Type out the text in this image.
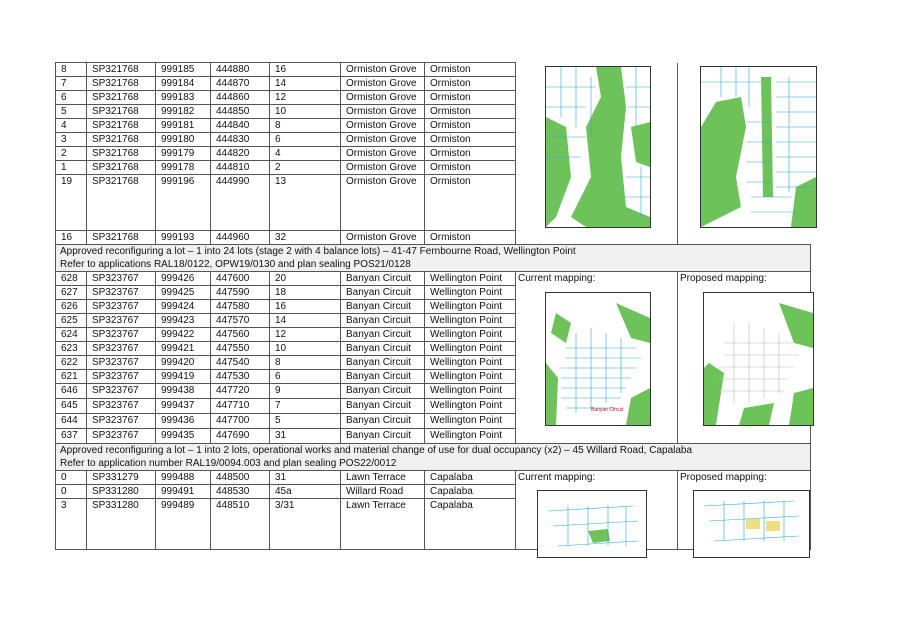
8	SP321768	999185	444880	16	Ormiston Grove	Ormiston		
7	SP321768	999184	444870	14	Ormiston Grove	Ormiston		
6	SP321768	999183	444860	12	Ormiston Grove	Ormiston		
5	SP321768	999182	444850	10	Ormiston Grove	Ormiston		
4	SP321768	999181	444840	8	Ormiston Grove	Ormiston		
3	SP321768	999180	444830	6	Ormiston Grove	Ormiston		
2	SP321768	999179	444820	4	Ormiston Grove	Ormiston		
1	SP321768	999178	444810	2	Ormiston Grove	Ormiston		
19	SP321768	999196	444990	13	Ormiston Grove	Ormiston		
16	SP321768	999193	444960	32	Ormiston Grove	Ormiston		

Approved reconfiguring a lot – 1 into 24 lots (stage 2 with 4 balance lots) – 41-47 Fernbourne Road, Wellington Point
Refer to applications RAL18/0122, OPW19/0130 and plan sealing POS21/0128								

628	SP323767	999426	447600	20	Banyan Circuit	Wellington Point	Current mapping:	Proposed mapping:
627	SP323767	999425	447590	18	Banyan Circuit	Wellington Point		
626	SP323767	999424	447580	16	Banyan Circuit	Wellington Point		
625	SP323767	999423	447570	14	Banyan Circuit	Wellington Point		
624	SP323767	999422	447560	12	Banyan Circuit	Wellington Point		
623	SP323767	999421	447550	10	Banyan Circuit	Wellington Point		
622	SP323767	999420	447540	8	Banyan Circuit	Wellington Point		
621	SP323767	999419	447530	6	Banyan Circuit	Wellington Point		
646	SP323767	999438	447720	9	Banyan Circuit	Wellington Point		
645	SP323767	999437	447710	7	Banyan Circuit	Wellington Point		
644	SP323767	999436	447700	5	Banyan Circuit	Wellington Point		
637	SP323767	999435	447690	31	Banyan Circuit	Wellington Point		

Approved reconfiguring a lot – 1 into 2 lots, operational works and material change of use for dual occupancy (x2) – 45 Willard Road, Capalaba
Refer to application number RAL19/0094.003 and plan sealing POS22/0012								

0	SP331279	999488	448500	31	Lawn Terrace	Capalaba	Current mapping:	Proposed mapping:
0	SP331280	999491	448530	45a	Willard Road	Capalaba		
3	SP331280	999489	448510	3/31	Lawn Terrace	Capalaba		
Banyan Circuit
